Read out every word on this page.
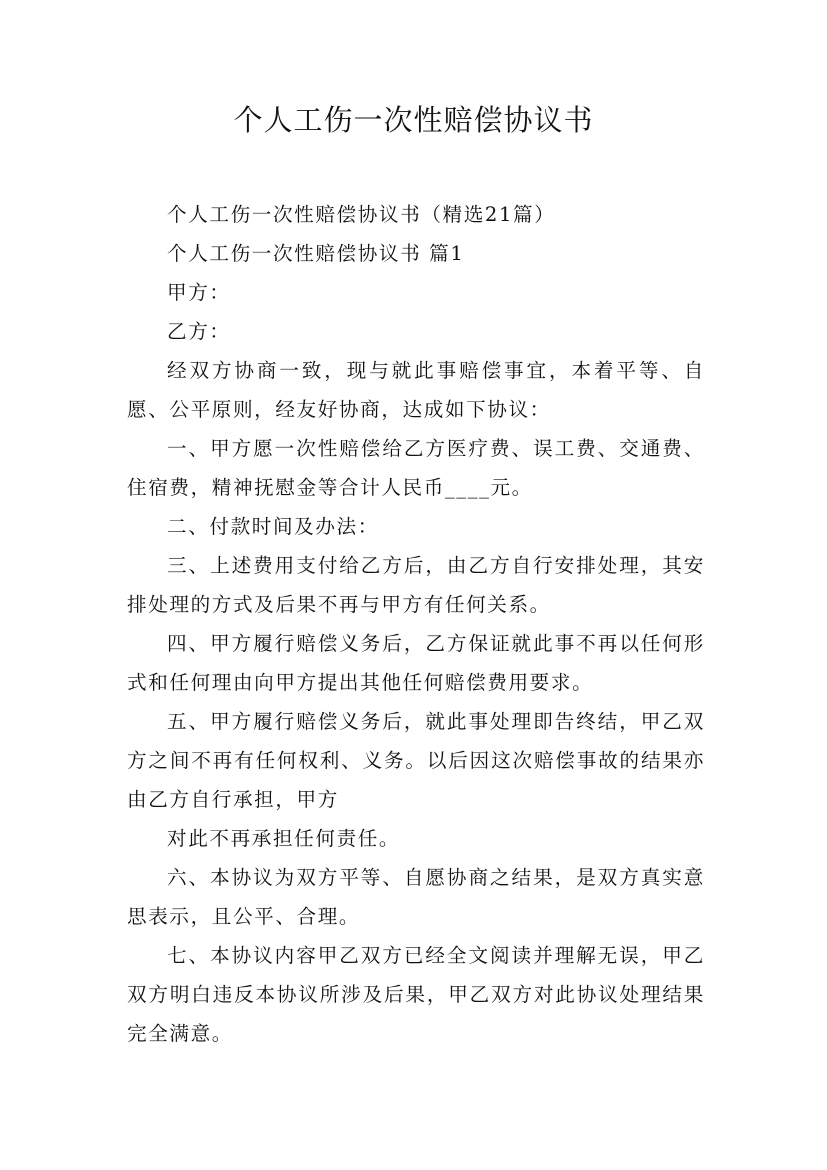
个人工伤一次性赔偿协议书

个人工伤一次性赔偿协议书（精选21篇）

个人工伤一次性赔偿协议书 篇1

甲方：

乙方：

经双方协商一致，现与就此事赔偿事宜，本着平等、自愿、公平原则，经友好协商，达成如下协议：

一、甲方愿一次性赔偿给乙方医疗费、误工费、交通费、住宿费，精神抚慰金等合计人民币____元。

二、付款时间及办法：

三、上述费用支付给乙方后，由乙方自行安排处理，其安排处理的方式及后果不再与甲方有任何关系。

四、甲方履行赔偿义务后，乙方保证就此事不再以任何形式和任何理由向甲方提出其他任何赔偿费用要求。

五、甲方履行赔偿义务后，就此事处理即告终结，甲乙双方之间不再有任何权利、义务。以后因这次赔偿事故的结果亦由乙方自行承担，甲方

对此不再承担任何责任。

六、本协议为双方平等、自愿协商之结果，是双方真实意思表示，且公平、合理。

七、本协议内容甲乙双方已经全文阅读并理解无误，甲乙双方明白违反本协议所涉及后果，甲乙双方对此协议处理结果完全满意。
